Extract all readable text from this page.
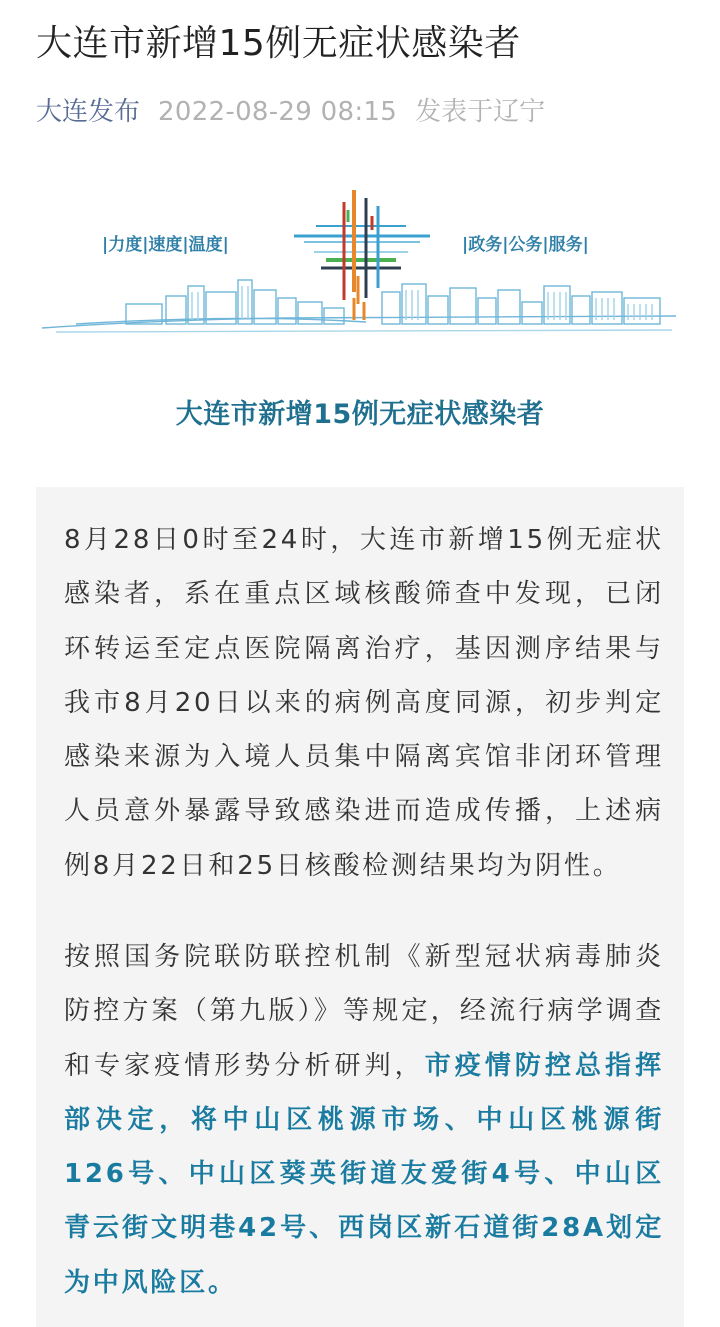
大连市新增15例无症状感染者
大连发布 2022-08-29 08:15 发表于辽宁
|力度|速度|温度|	|政务|公务|服务|
大连市新增15例无症状感染者

8月28日0时至24时，大连市新增15例无症状感染者，系在重点区域核酸筛查中发现，已闭环转运至定点医院隔离治疗，基因测序结果与我市8月20日以来的病例高度同源，初步判定感染来源为入境人员集中隔离宾馆非闭环管理人员意外暴露导致感染进而造成传播，上述病例8月22日和25日核酸检测结果均为阴性。

按照国务院联防联控机制《新型冠状病毒肺炎防控方案（第九版）》等规定，经流行病学调查和专家疫情形势分析研判，市疫情防控总指挥部决定，将中山区桃源市场、中山区桃源街126号、中山区葵英街道友爱街4号、中山区青云街文明巷42号、西岗区新石道街28A划定为中风险区。
